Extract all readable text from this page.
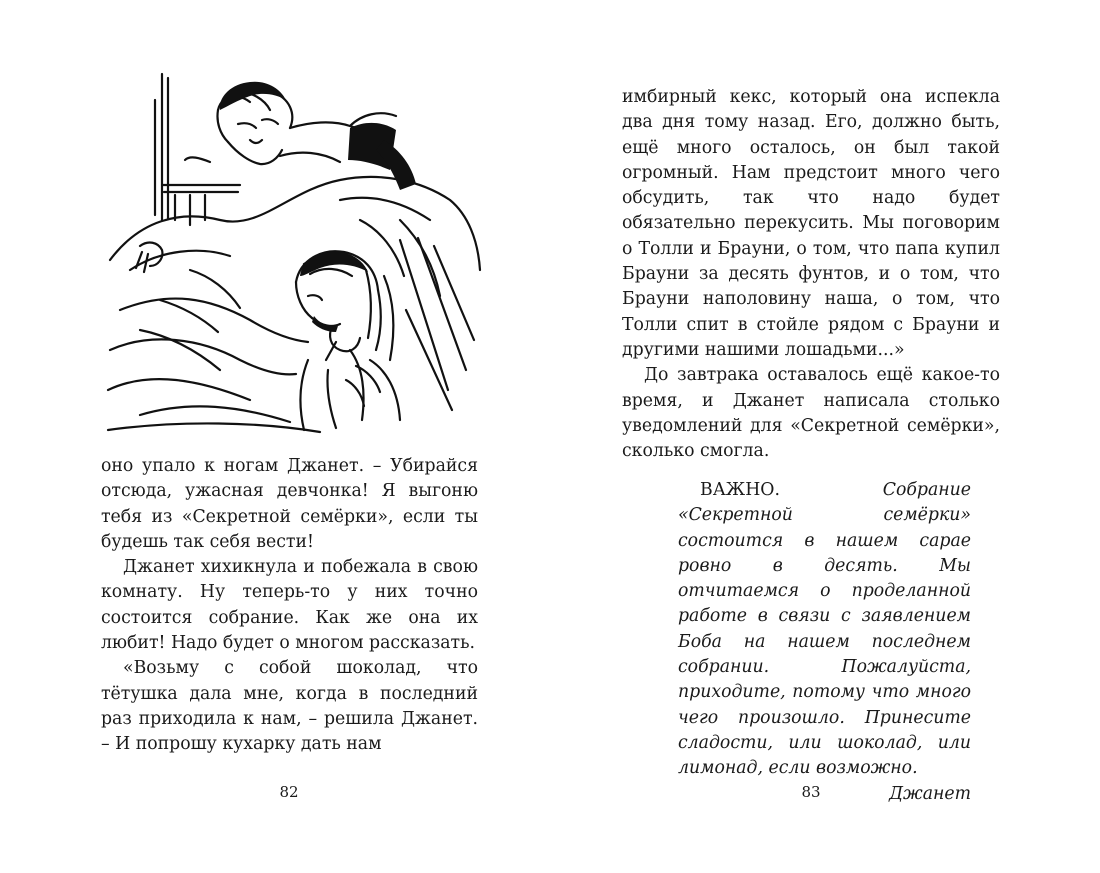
оно упало к ногам Джанет. – Убирайся отсюда, ужасная девчонка! Я выгоню тебя из «Секретной семёрки», если ты будешь так себя вести!

Джанет хихикнула и побежала в свою комнату. Ну теперь-то у них точно состоится собрание. Как же она их любит! Надо будет о многом рассказать.

«Возьму с собой шоколад, что тётушка дала мне, когда в последний раз приходила к нам, – решила Джанет. – И попрошу кухарку дать нам

82

имбирный кекс, который она испекла два дня тому назад. Его, должно быть, ещё много осталось, он был такой огромный. Нам предстоит много чего обсудить, так что надо будет обязательно перекусить. Мы поговорим о Толли и Брауни, о том, что папа купил Брауни за десять фунтов, и о том, что Брауни наполовину наша, о том, что Толли спит в стойле рядом с Брауни и другими нашими лошадьми...»

До завтрака оставалось ещё какое-то время, и Джанет написала столько уведомлений для «Секретной семёрки», сколько смогла.

ВАЖНО. Собрание «Секретной семёрки» состоится в нашем сарае ровно в десять. Мы отчитаемся о проделанной работе в связи с заявлением Боба на нашем последнем собрании. Пожалуйста, приходите, потому что много чего произошло. Принесите сладости, или шоколад, или лимонад, если возможно.

Джанет

83
